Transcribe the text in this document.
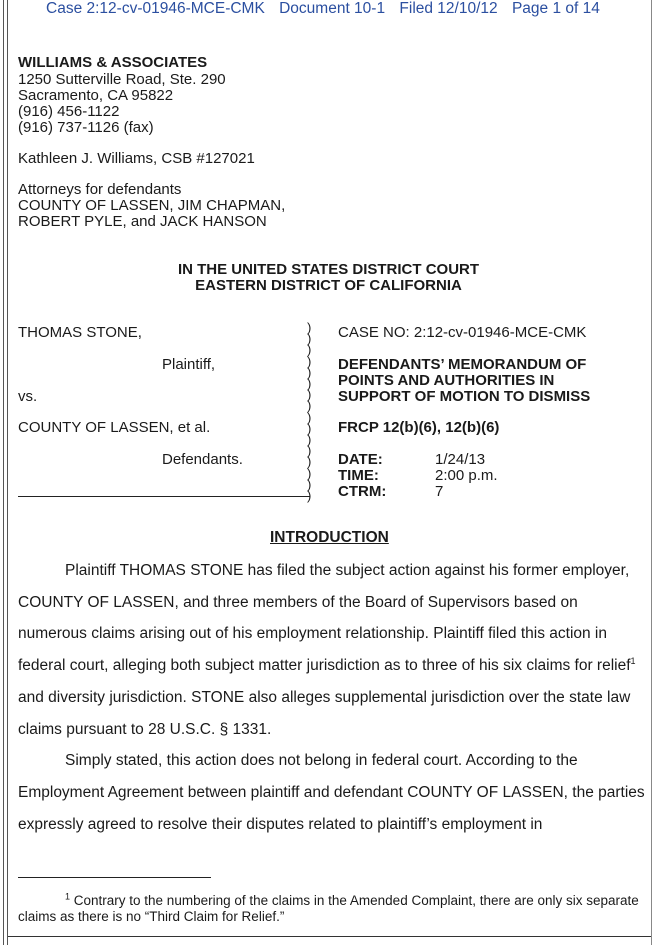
Case 2:12-cv-01946-MCE-CMK Document 10-1 Filed 12/10/12 Page 1 of 14
WILLIAMS & ASSOCIATES
1250 Sutterville Road, Ste. 290
Sacramento, CA 95822
(916) 456-1122
(916) 737-1126 (fax)
Kathleen J. Williams, CSB #127021
Attorneys for defendants
COUNTY OF LASSEN, JIM CHAPMAN,
ROBERT PYLE, and JACK HANSON
IN THE UNITED STATES DISTRICT COURT
EASTERN DISTRICT OF CALIFORNIA
THOMAS STONE,
Plaintiff,
vs.
COUNTY OF LASSEN, et al.
Defendants.
)
)
)
)
)
)
)
)
)
)
)
)
)
)
)
)
CASE NO: 2:12-cv-01946-MCE-CMK
DEFENDANTS’ MEMORANDUM OF
POINTS AND AUTHORITIES IN
SUPPORT OF MOTION TO DISMISS
FRCP 12(b)(6), 12(b)(6)
DATE:	1/24/13
TIME:	2:00 p.m.
CTRM:	7
INTRODUCTION

Plaintiff THOMAS STONE has filed the subject action against his former employer, COUNTY OF LASSEN, and three members of the Board of Supervisors based on numerous claims arising out of his employment relationship. Plaintiff filed this action in federal court, alleging both subject matter jurisdiction as to three of his six claims for relief$^1$ and diversity jurisdiction. STONE also alleges supplemental jurisdiction over the state law claims pursuant to 28 U.S.C. § 1331.

Simply stated, this action does not belong in federal court. According to the Employment Agreement between plaintiff and defendant COUNTY OF LASSEN, the parties expressly agreed to resolve their disputes related to plaintiff’s employment in

$^1$ Contrary to the numbering of the claims in the Amended Complaint, there are only six separate claims as there is no “Third Claim for Relief.”
